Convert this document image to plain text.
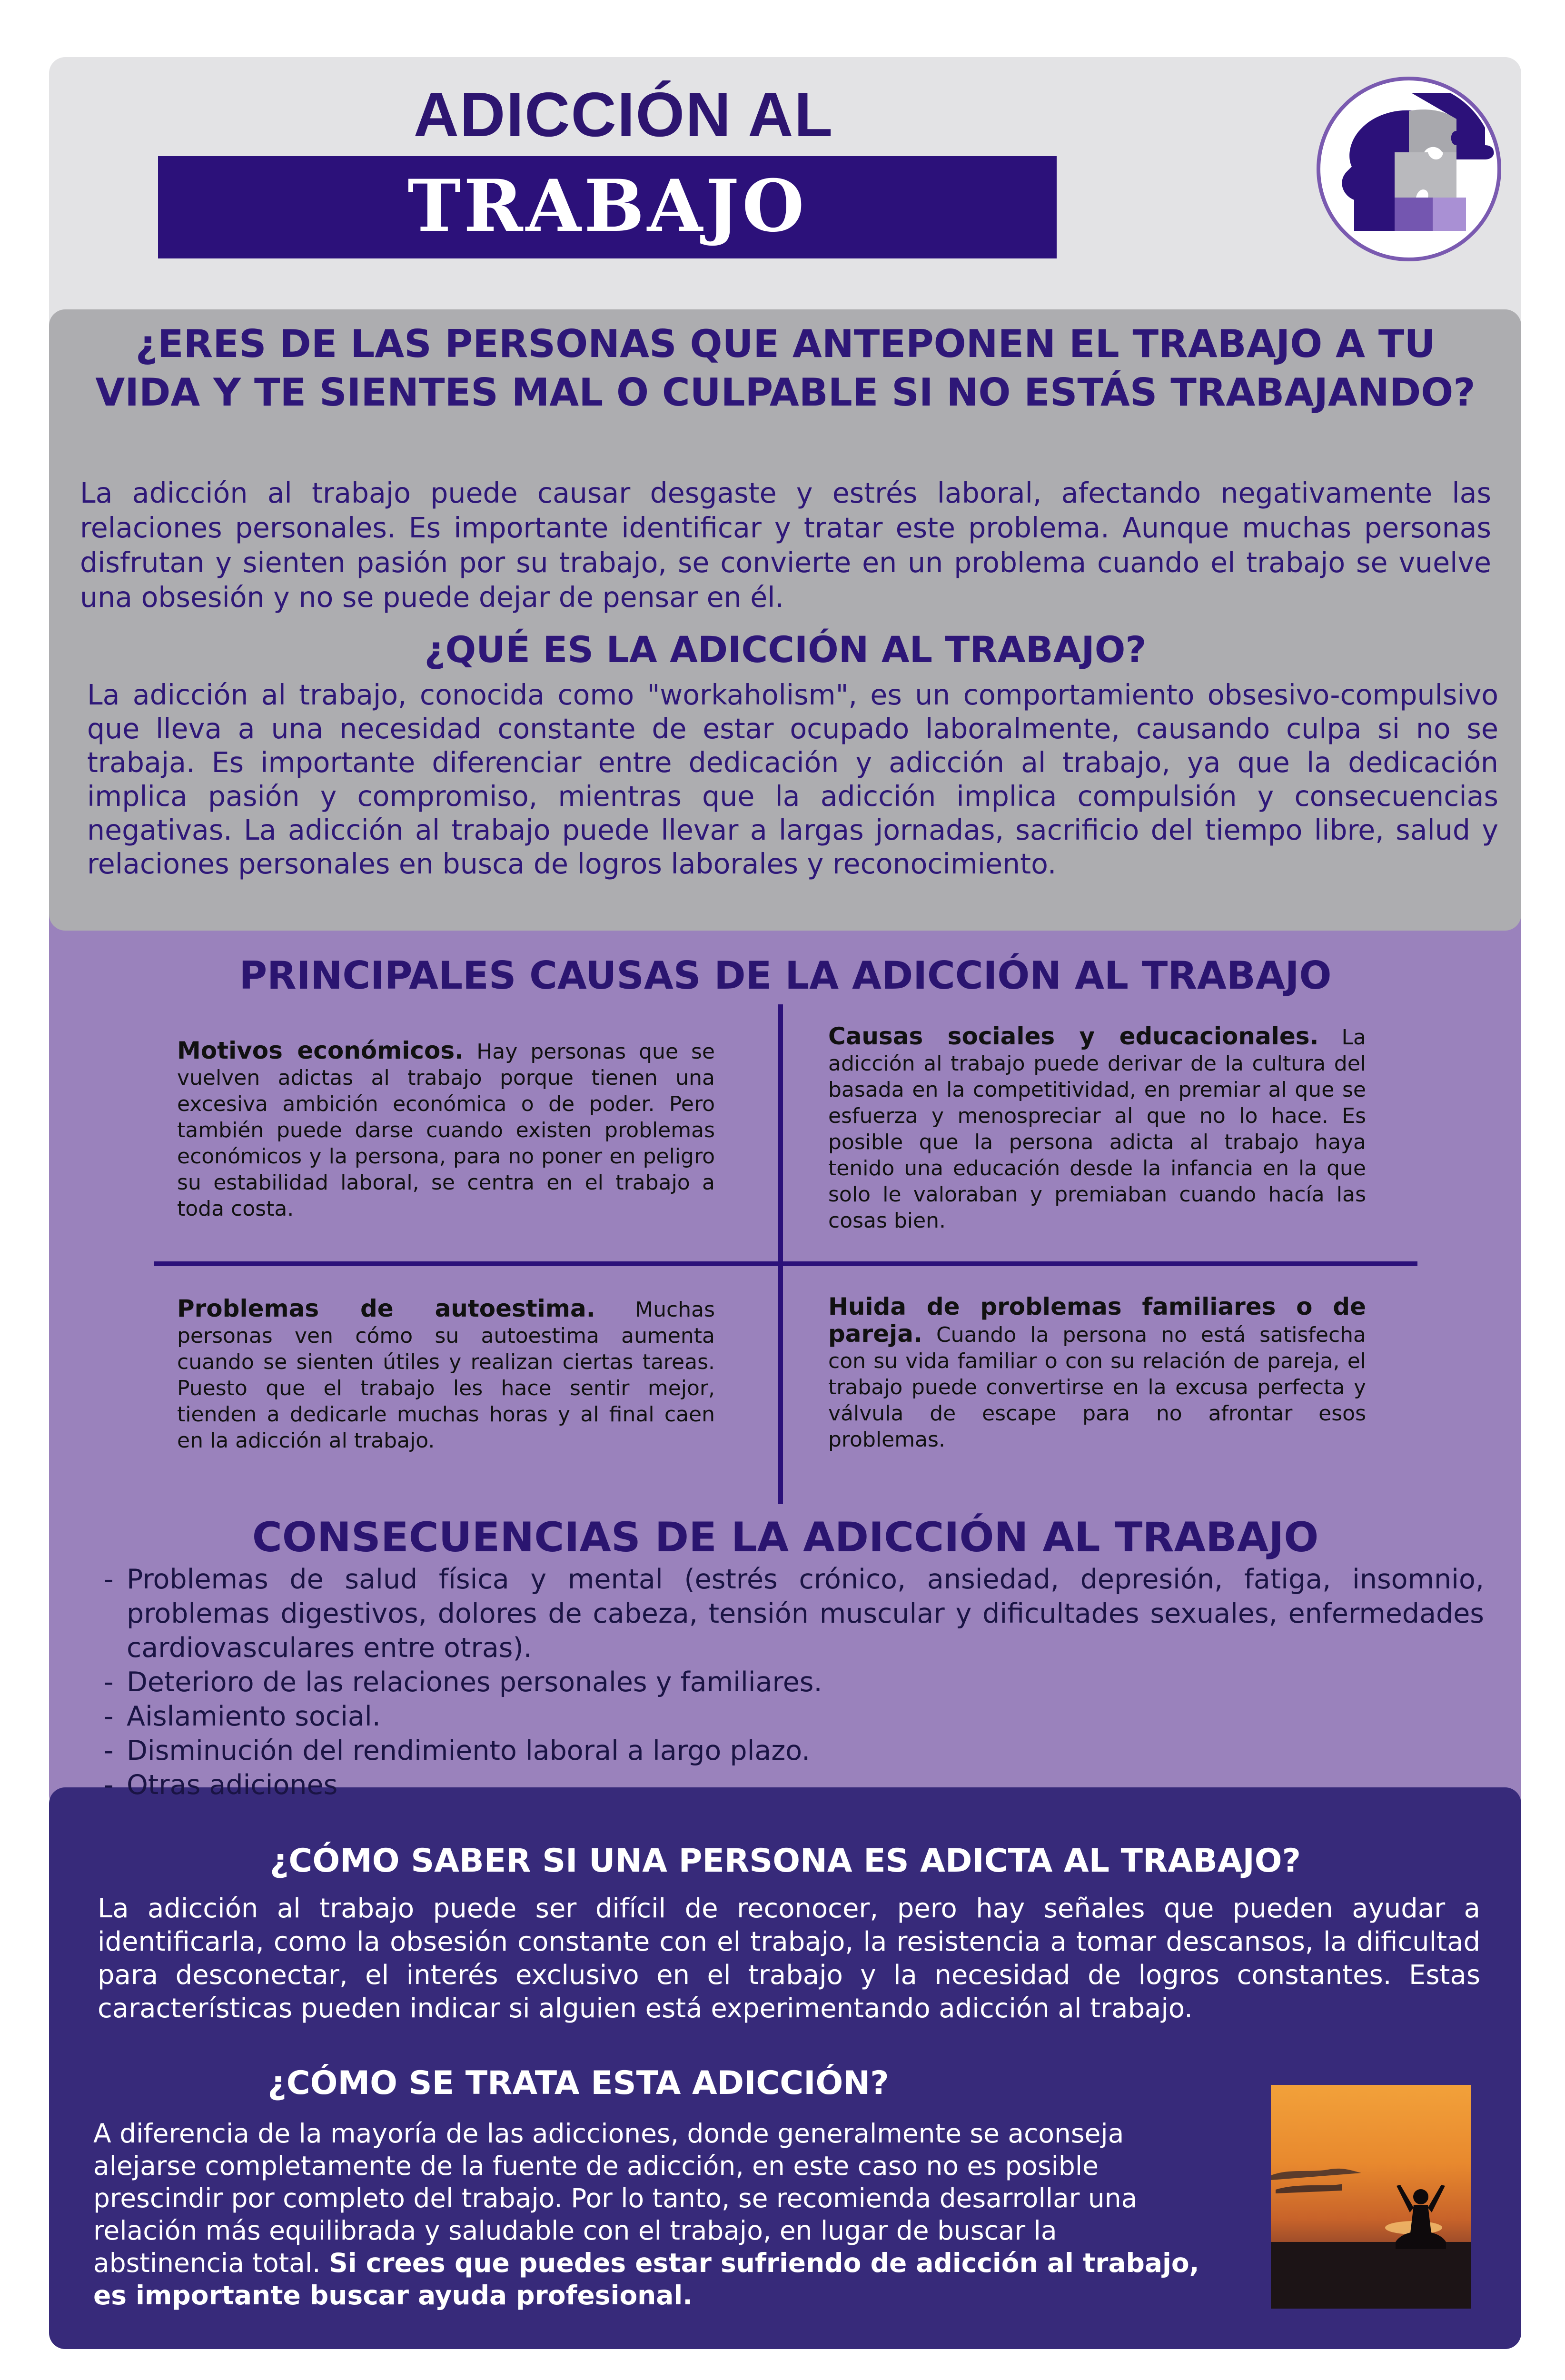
ADICCIÓN AL
TRABAJO
¿ERES DE LAS PERSONAS QUE ANTEPONEN EL TRABAJO A TU VIDA Y TE SIENTES MAL O CULPABLE SI NO ESTÁS TRABAJANDO?

La adicción al trabajo puede causar desgaste y estrés laboral, afectando negativamente las relaciones personales. Es importante identificar y tratar este problema. Aunque muchas personas disfrutan y sienten pasión por su trabajo, se convierte en un problema cuando el trabajo se vuelve una obsesión y no se puede dejar de pensar en él.

¿QUÉ ES LA ADICCIÓN AL TRABAJO?

La adicción al trabajo, conocida como "workaholism", es un comportamiento obsesivo-compulsivo que lleva a una necesidad constante de estar ocupado laboralmente, causando culpa si no se trabaja. Es importante diferenciar entre dedicación y adicción al trabajo, ya que la dedicación implica pasión y compromiso, mientras que la adicción implica compulsión y consecuencias negativas. La adicción al trabajo puede llevar a largas jornadas, sacrificio del tiempo libre, salud y relaciones personales en busca de logros laborales y reconocimiento.

PRINCIPALES CAUSAS DE LA ADICCIÓN AL TRABAJO

Motivos económicos. Hay personas que se vuelven adictas al trabajo porque tienen una excesiva ambición económica o de poder. Pero también puede darse cuando existen problemas económicos y la persona, para no poner en peligro su estabilidad laboral, se centra en el trabajo a toda costa.

Causas sociales y educacionales. La adicción al trabajo puede derivar de la cultura del basada en la competitividad, en premiar al que se esfuerza y menospreciar al que no lo hace. Es posible que la persona adicta al trabajo haya tenido una educación desde la infancia en la que solo le valoraban y premiaban cuando hacía las cosas bien.

Problemas de autoestima. Muchas personas ven cómo su autoestima aumenta cuando se sienten útiles y realizan ciertas tareas. Puesto que el trabajo les hace sentir mejor, tienden a dedicarle muchas horas y al final caen en la adicción al trabajo.

Huida de problemas familiares o de pareja. Cuando la persona no está satisfecha con su vida familiar o con su relación de pareja, el trabajo puede convertirse en la excusa perfecta y válvula de escape para no afrontar esos problemas.

CONSECUENCIAS DE LA ADICCIÓN AL TRABAJO
- Problemas de salud física y mental (estrés crónico, ansiedad, depresión, fatiga, insomnio, problemas digestivos, dolores de cabeza, tensión muscular y dificultades sexuales, enfermedades cardiovasculares entre otras).
- Deterioro de las relaciones personales y familiares.
- Aislamiento social.
- Disminución del rendimiento laboral a largo plazo.
- Otras adiciones
¿CÓMO SABER SI UNA PERSONA ES ADICTA AL TRABAJO?

La adicción al trabajo puede ser difícil de reconocer, pero hay señales que pueden ayudar a identificarla, como la obsesión constante con el trabajo, la resistencia a tomar descansos, la dificultad para desconectar, el interés exclusivo en el trabajo y la necesidad de logros constantes. Estas características pueden indicar si alguien está experimentando adicción al trabajo.

¿CÓMO SE TRATA ESTA ADICCIÓN?

A diferencia de la mayoría de las adicciones, donde generalmente se aconseja alejarse completamente de la fuente de adicción, en este caso no es posible prescindir por completo del trabajo. Por lo tanto, se recomienda desarrollar una relación más equilibrada y saludable con el trabajo, en lugar de buscar la abstinencia total. Si crees que puedes estar sufriendo de adicción al trabajo, es importante buscar ayuda profesional.
